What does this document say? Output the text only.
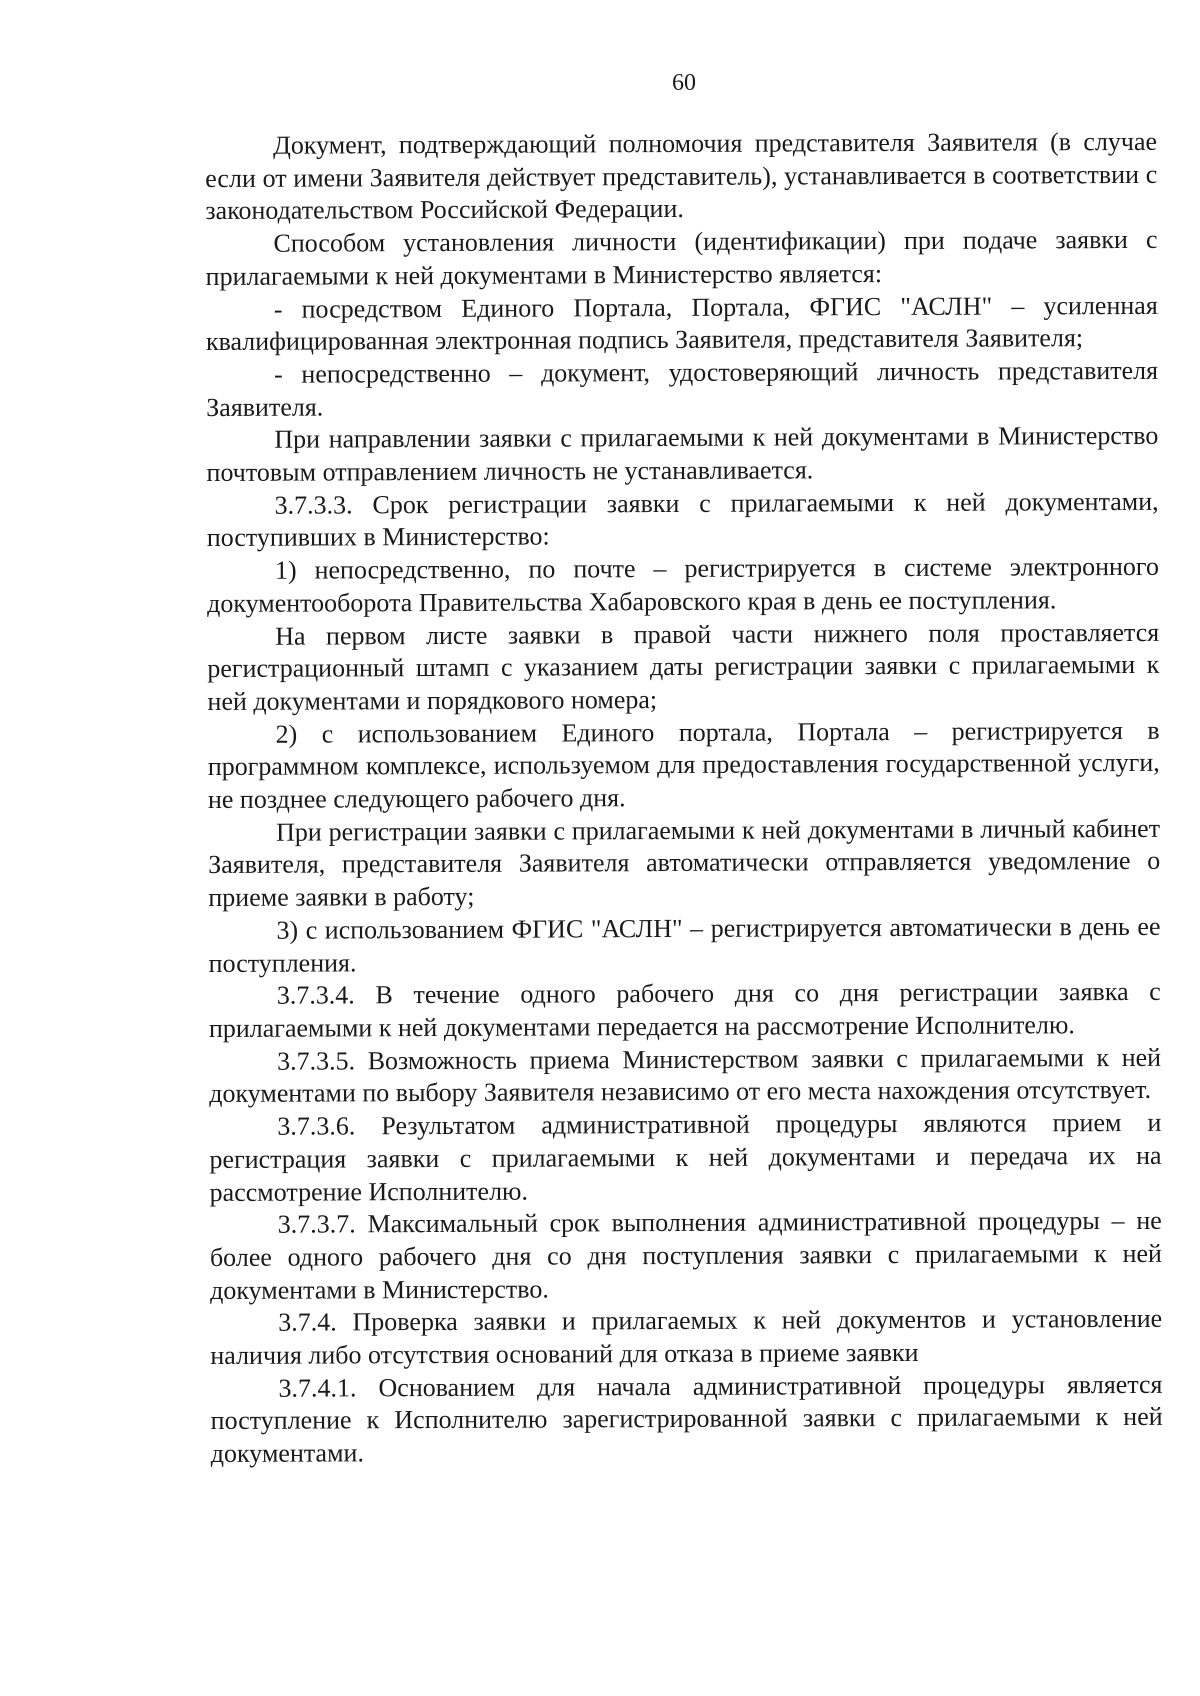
60

Документ, подтверждающий полномочия представителя Заявителя (в случае если от имени Заявителя действует представитель), устанавливается в соответствии с законодательством Российской Федерации.

Способом установления личности (идентификации) при подаче заявки с прилагаемыми к ней документами в Министерство является:

- посредством Единого Портала, Портала, ФГИС "АСЛН" – усиленная квалифицированная электронная подпись Заявителя, представителя Заявителя;

- непосредственно – документ, удостоверяющий личность представителя Заявителя.

При направлении заявки с прилагаемыми к ней документами в Министерство почтовым отправлением личность не устанавливается.

3.7.3.3. Срок регистрации заявки с прилагаемыми к ней документами, поступивших в Министерство:

1) непосредственно, по почте – регистрируется в системе электронного документооборота Правительства Хабаровского края в день ее поступления.

На первом листе заявки в правой части нижнего поля проставляется регистрационный штамп с указанием даты регистрации заявки с прилагаемыми к ней документами и порядкового номера;

2) с использованием Единого портала, Портала – регистрируется в программном комплексе, используемом для предоставления государственной услуги, не позднее следующего рабочего дня.

При регистрации заявки с прилагаемыми к ней документами в личный кабинет Заявителя, представителя Заявителя автоматически отправляется уведомление о приеме заявки в работу;

3) с использованием ФГИС "АСЛН" – регистрируется автоматически в день ее поступления.

3.7.3.4. В течение одного рабочего дня со дня регистрации заявка с прилагаемыми к ней документами передается на рассмотрение Исполнителю.

3.7.3.5. Возможность приема Министерством заявки с прилагаемыми к ней документами по выбору Заявителя независимо от его места нахождения отсутствует.

3.7.3.6. Результатом административной процедуры являются прием и регистрация заявки с прилагаемыми к ней документами и передача их на рассмотрение Исполнителю.

3.7.3.7. Максимальный срок выполнения административной процедуры – не более одного рабочего дня со дня поступления заявки с прилагаемыми к ней документами в Министерство.

3.7.4. Проверка заявки и прилагаемых к ней документов и установление наличия либо отсутствия оснований для отказа в приеме заявки

3.7.4.1. Основанием для начала административной процедуры является поступление к Исполнителю зарегистрированной заявки с прилагаемыми к ней документами.
